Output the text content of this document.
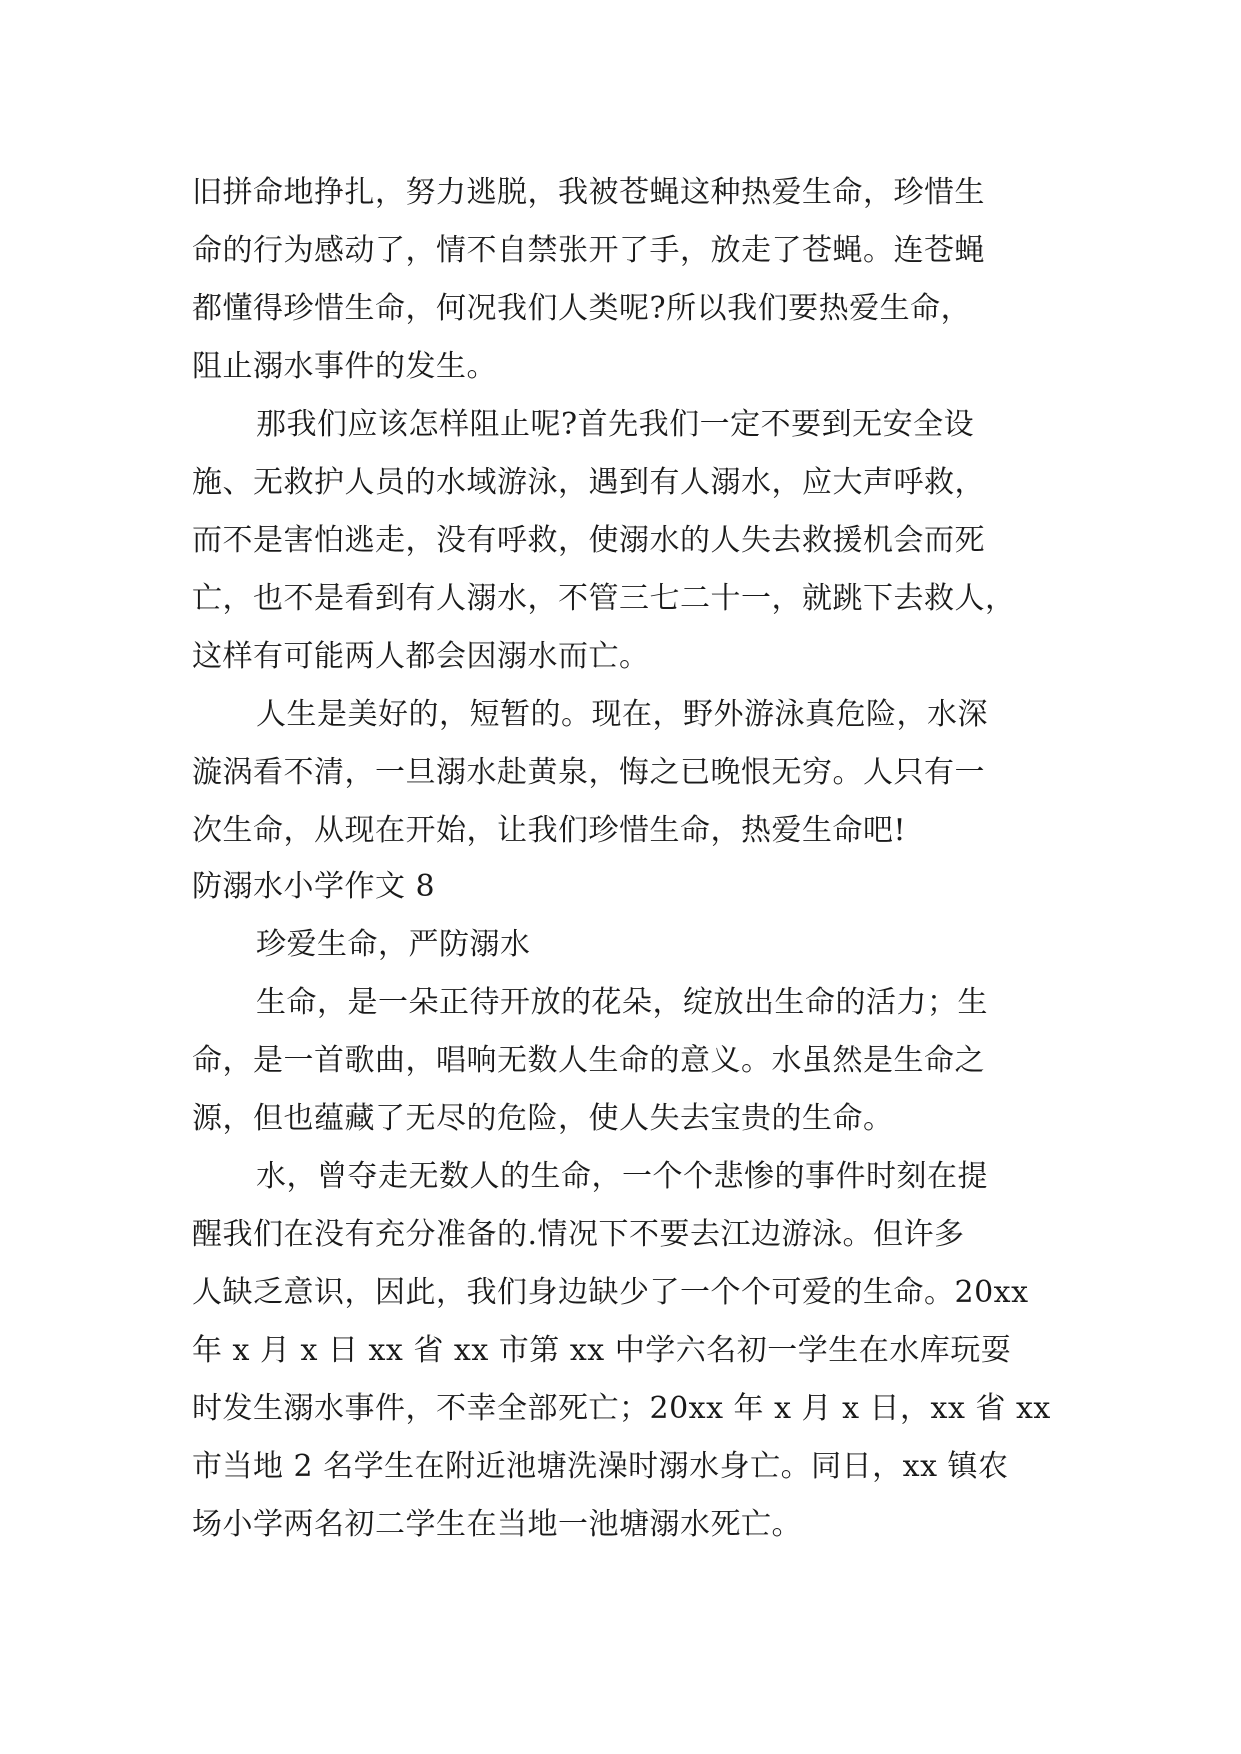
旧拼命地挣扎，努力逃脱，我被苍蝇这种热爱生命，珍惜生
命的行为感动了，情不自禁张开了手，放走了苍蝇。连苍蝇
都懂得珍惜生命，何况我们人类呢?所以我们要热爱生命，
阻止溺水事件的发生。
那我们应该怎样阻止呢?首先我们一定不要到无安全设
施、无救护人员的水域游泳，遇到有人溺水，应大声呼救，
而不是害怕逃走，没有呼救，使溺水的人失去救援机会而死
亡，也不是看到有人溺水，不管三七二十一，就跳下去救人，
这样有可能两人都会因溺水而亡。
人生是美好的，短暂的。现在，野外游泳真危险，水深
漩涡看不清，一旦溺水赴黄泉，悔之已晚恨无穷。人只有一
次生命，从现在开始，让我们珍惜生命，热爱生命吧!
防溺水小学作文 8
珍爱生命，严防溺水
生命，是一朵正待开放的花朵，绽放出生命的活力；生
命，是一首歌曲，唱响无数人生命的意义。水虽然是生命之
源，但也蕴藏了无尽的危险，使人失去宝贵的生命。
水，曾夺走无数人的生命，一个个悲惨的事件时刻在提
醒我们在没有充分准备的.情况下不要去江边游泳。但许多
人缺乏意识，因此，我们身边缺少了一个个可爱的生命。20xx
年 x 月 x 日 xx 省 xx 市第 xx 中学六名初一学生在水库玩耍
时发生溺水事件，不幸全部死亡；20xx 年 x 月 x 日，xx 省 xx
市当地 2 名学生在附近池塘洗澡时溺水身亡。同日，xx 镇农
场小学两名初二学生在当地一池塘溺水死亡。
